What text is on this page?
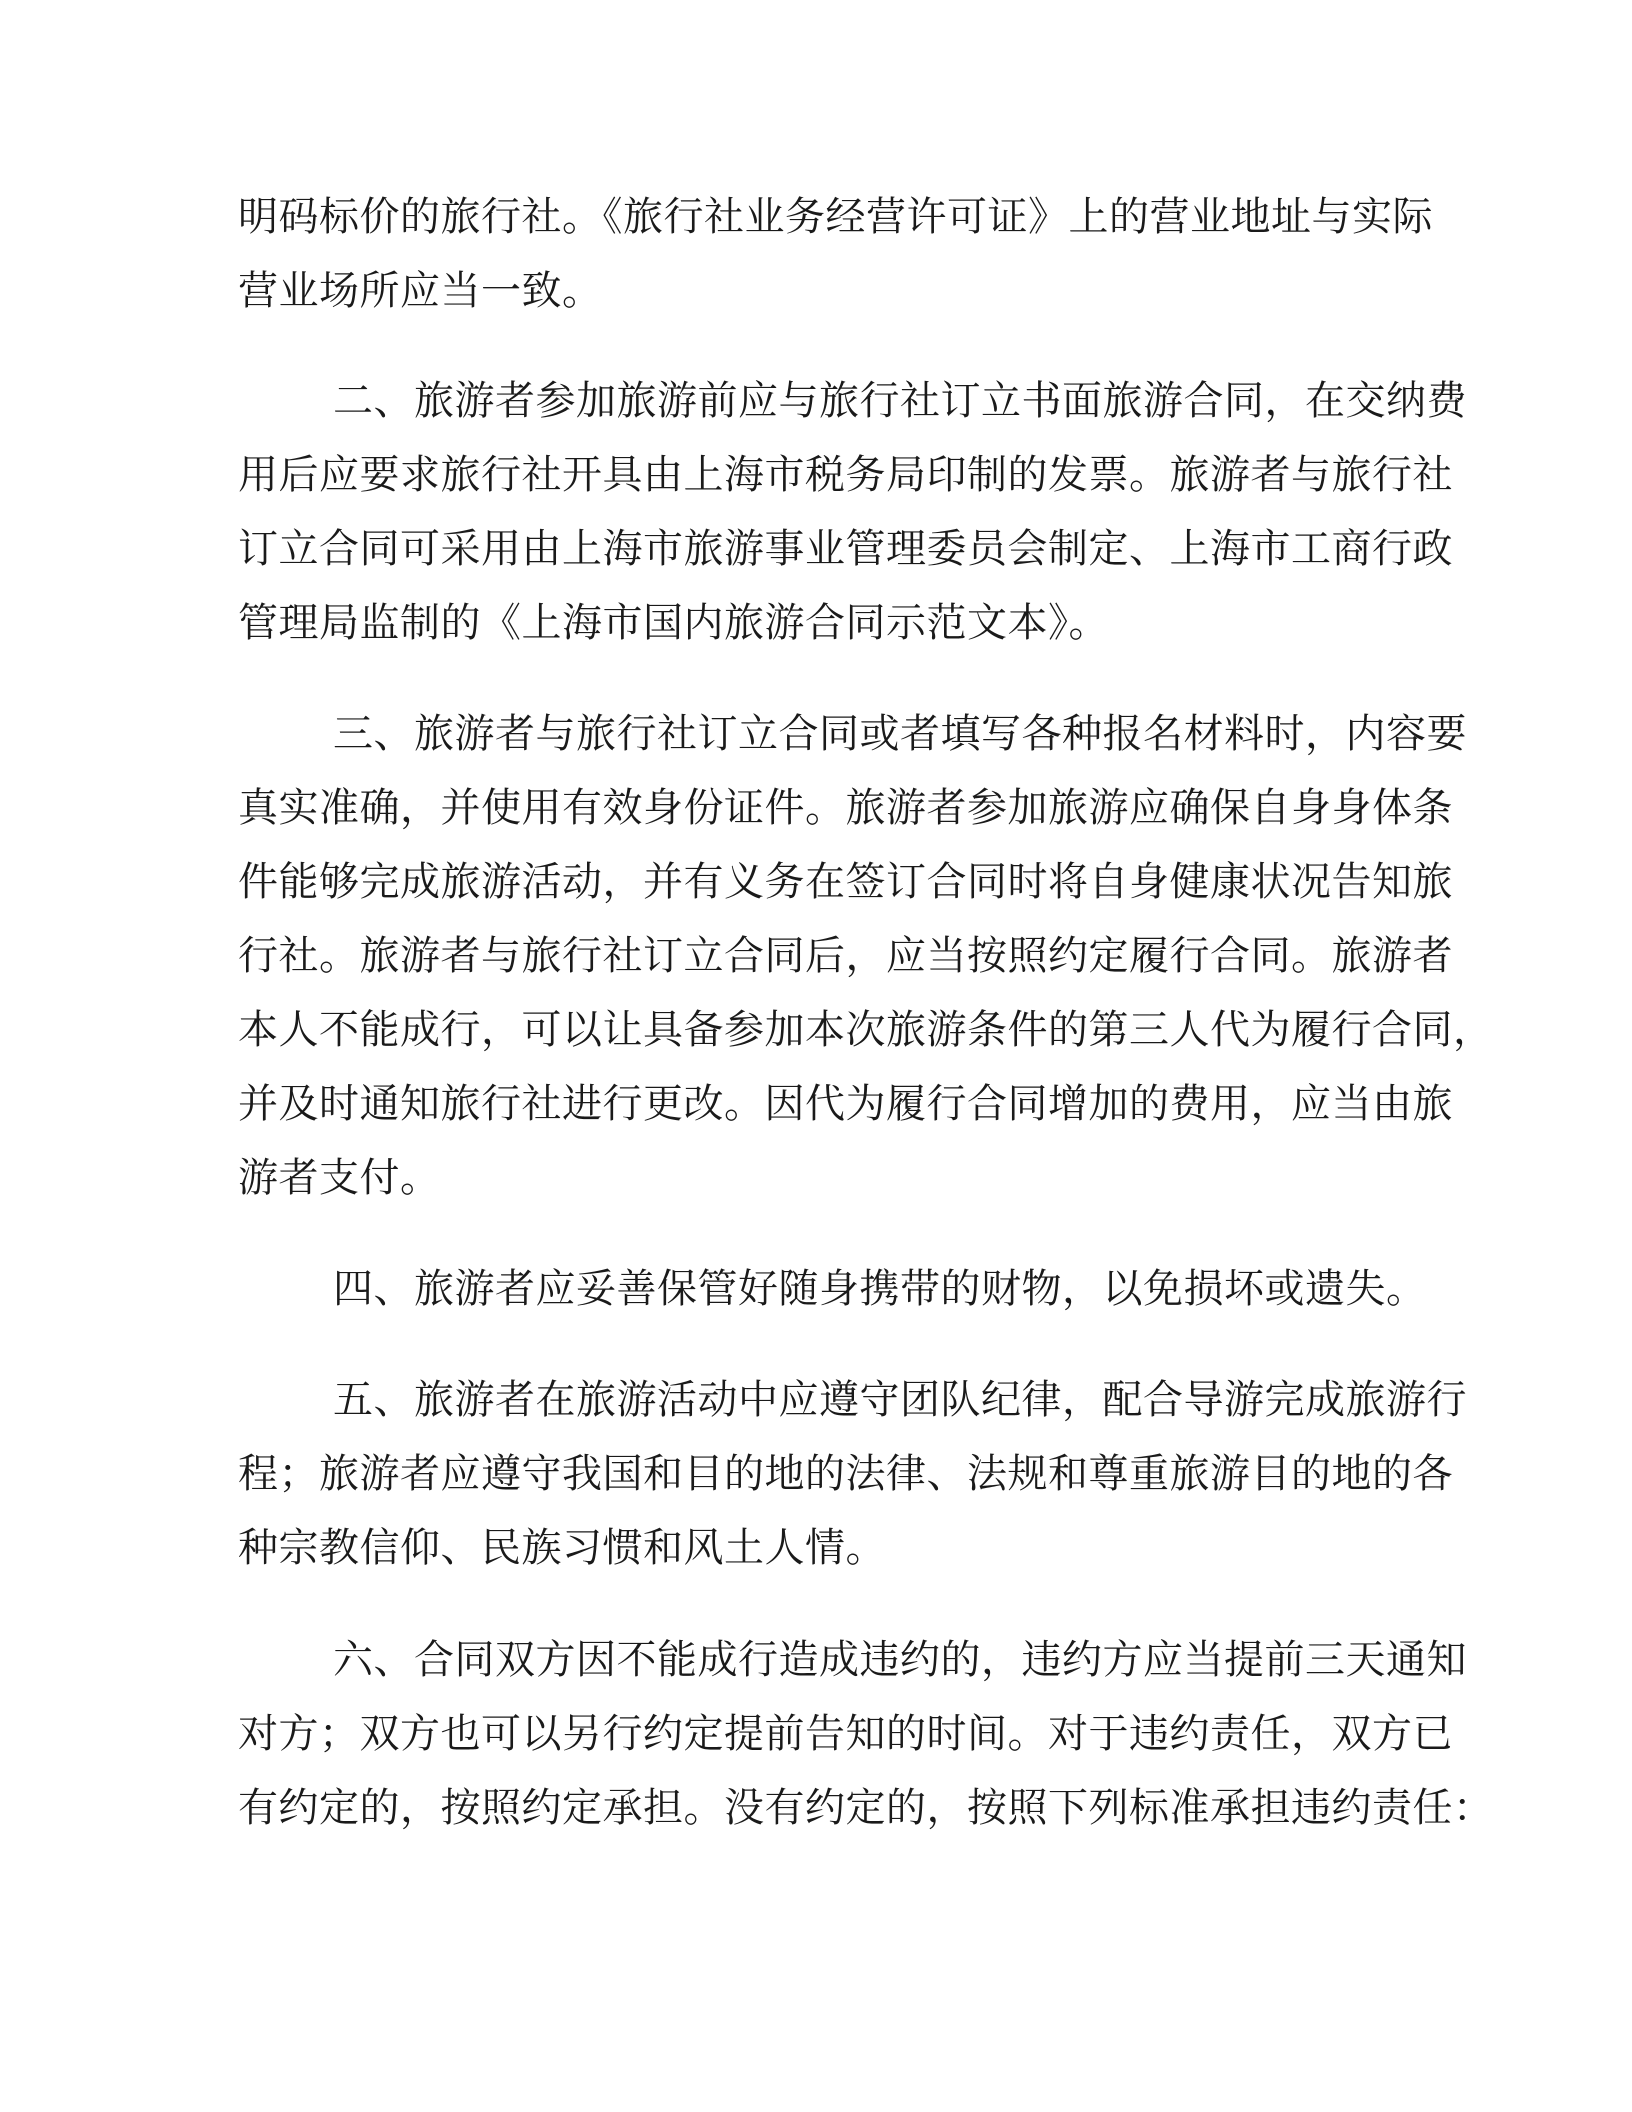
明码标价的旅行社。《旅行社业务经营许可证》上的营业地址与实际
营业场所应当一致。
二、旅游者参加旅游前应与旅行社订立书面旅游合同，在交纳费
用后应要求旅行社开具由上海市税务局印制的发票。旅游者与旅行社
订立合同可采用由上海市旅游事业管理委员会制定、上海市工商行政
管理局监制的《上海市国内旅游合同示范文本》。
三、旅游者与旅行社订立合同或者填写各种报名材料时，内容要
真实准确，并使用有效身份证件。旅游者参加旅游应确保自身身体条
件能够完成旅游活动，并有义务在签订合同时将自身健康状况告知旅
行社。旅游者与旅行社订立合同后，应当按照约定履行合同。旅游者
本人不能成行，可以让具备参加本次旅游条件的第三人代为履行合同，
并及时通知旅行社进行更改。因代为履行合同增加的费用，应当由旅
游者支付。
四、旅游者应妥善保管好随身携带的财物，以免损坏或遗失。
五、旅游者在旅游活动中应遵守团队纪律，配合导游完成旅游行
程；旅游者应遵守我国和目的地的法律、法规和尊重旅游目的地的各
种宗教信仰、民族习惯和风土人情。
六、合同双方因不能成行造成违约的，违约方应当提前三天通知
对方；双方也可以另行约定提前告知的时间。对于违约责任，双方已
有约定的，按照约定承担。没有约定的，按照下列标准承担违约责任：
